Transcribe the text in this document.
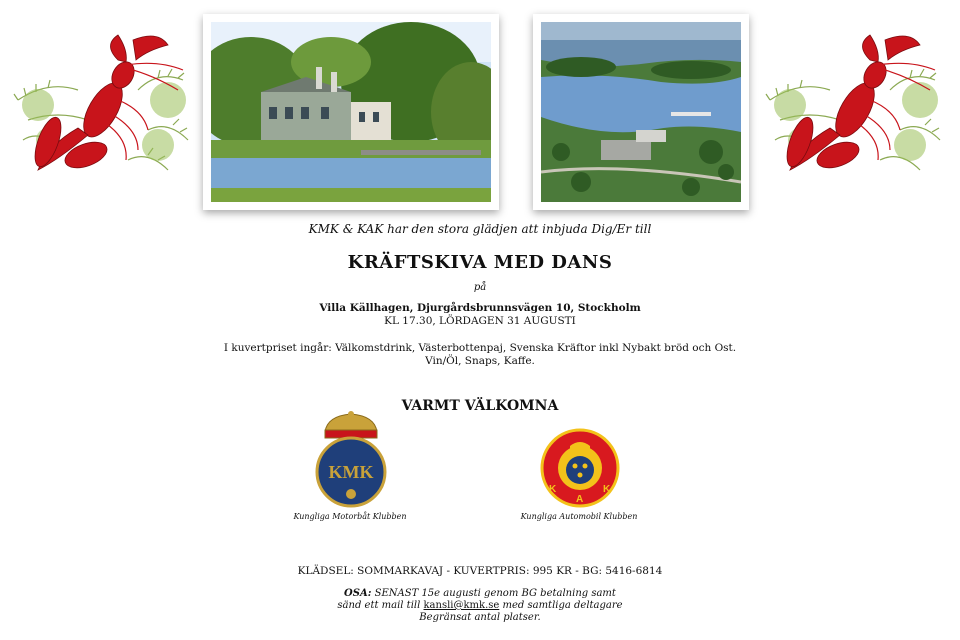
KMK & KAK har den stora glädjen att inbjuda Dig/Er till
KRÄFTSKIVA MED DANS
på
Villa Källhagen, Djurgårdsbrunnsvägen 10, Stockholm
KL 17.30, LÖRDAGEN 31 AUGUSTI
I kuvertpriset ingår: Välkomstdrink, Västerbottenpaj, Svenska Kräftor inkl Nybakt bröd och Ost.
Vin/Öl, Snaps, Kaffe.
VARMT VÄLKOMNA
KMK
Kungliga Motorbåt Klubben
K
A
K
Kungliga Automobil Klubben
KLÄDSEL: SOMMARKAVAJ - KUVERTPRIS: 995 KR - BG: 5416-6814
OSA: SENAST 15e augusti genom BG betalning samt
sänd ett mail till kansli@kmk.se med samtliga deltagare
Begränsat antal platser.
